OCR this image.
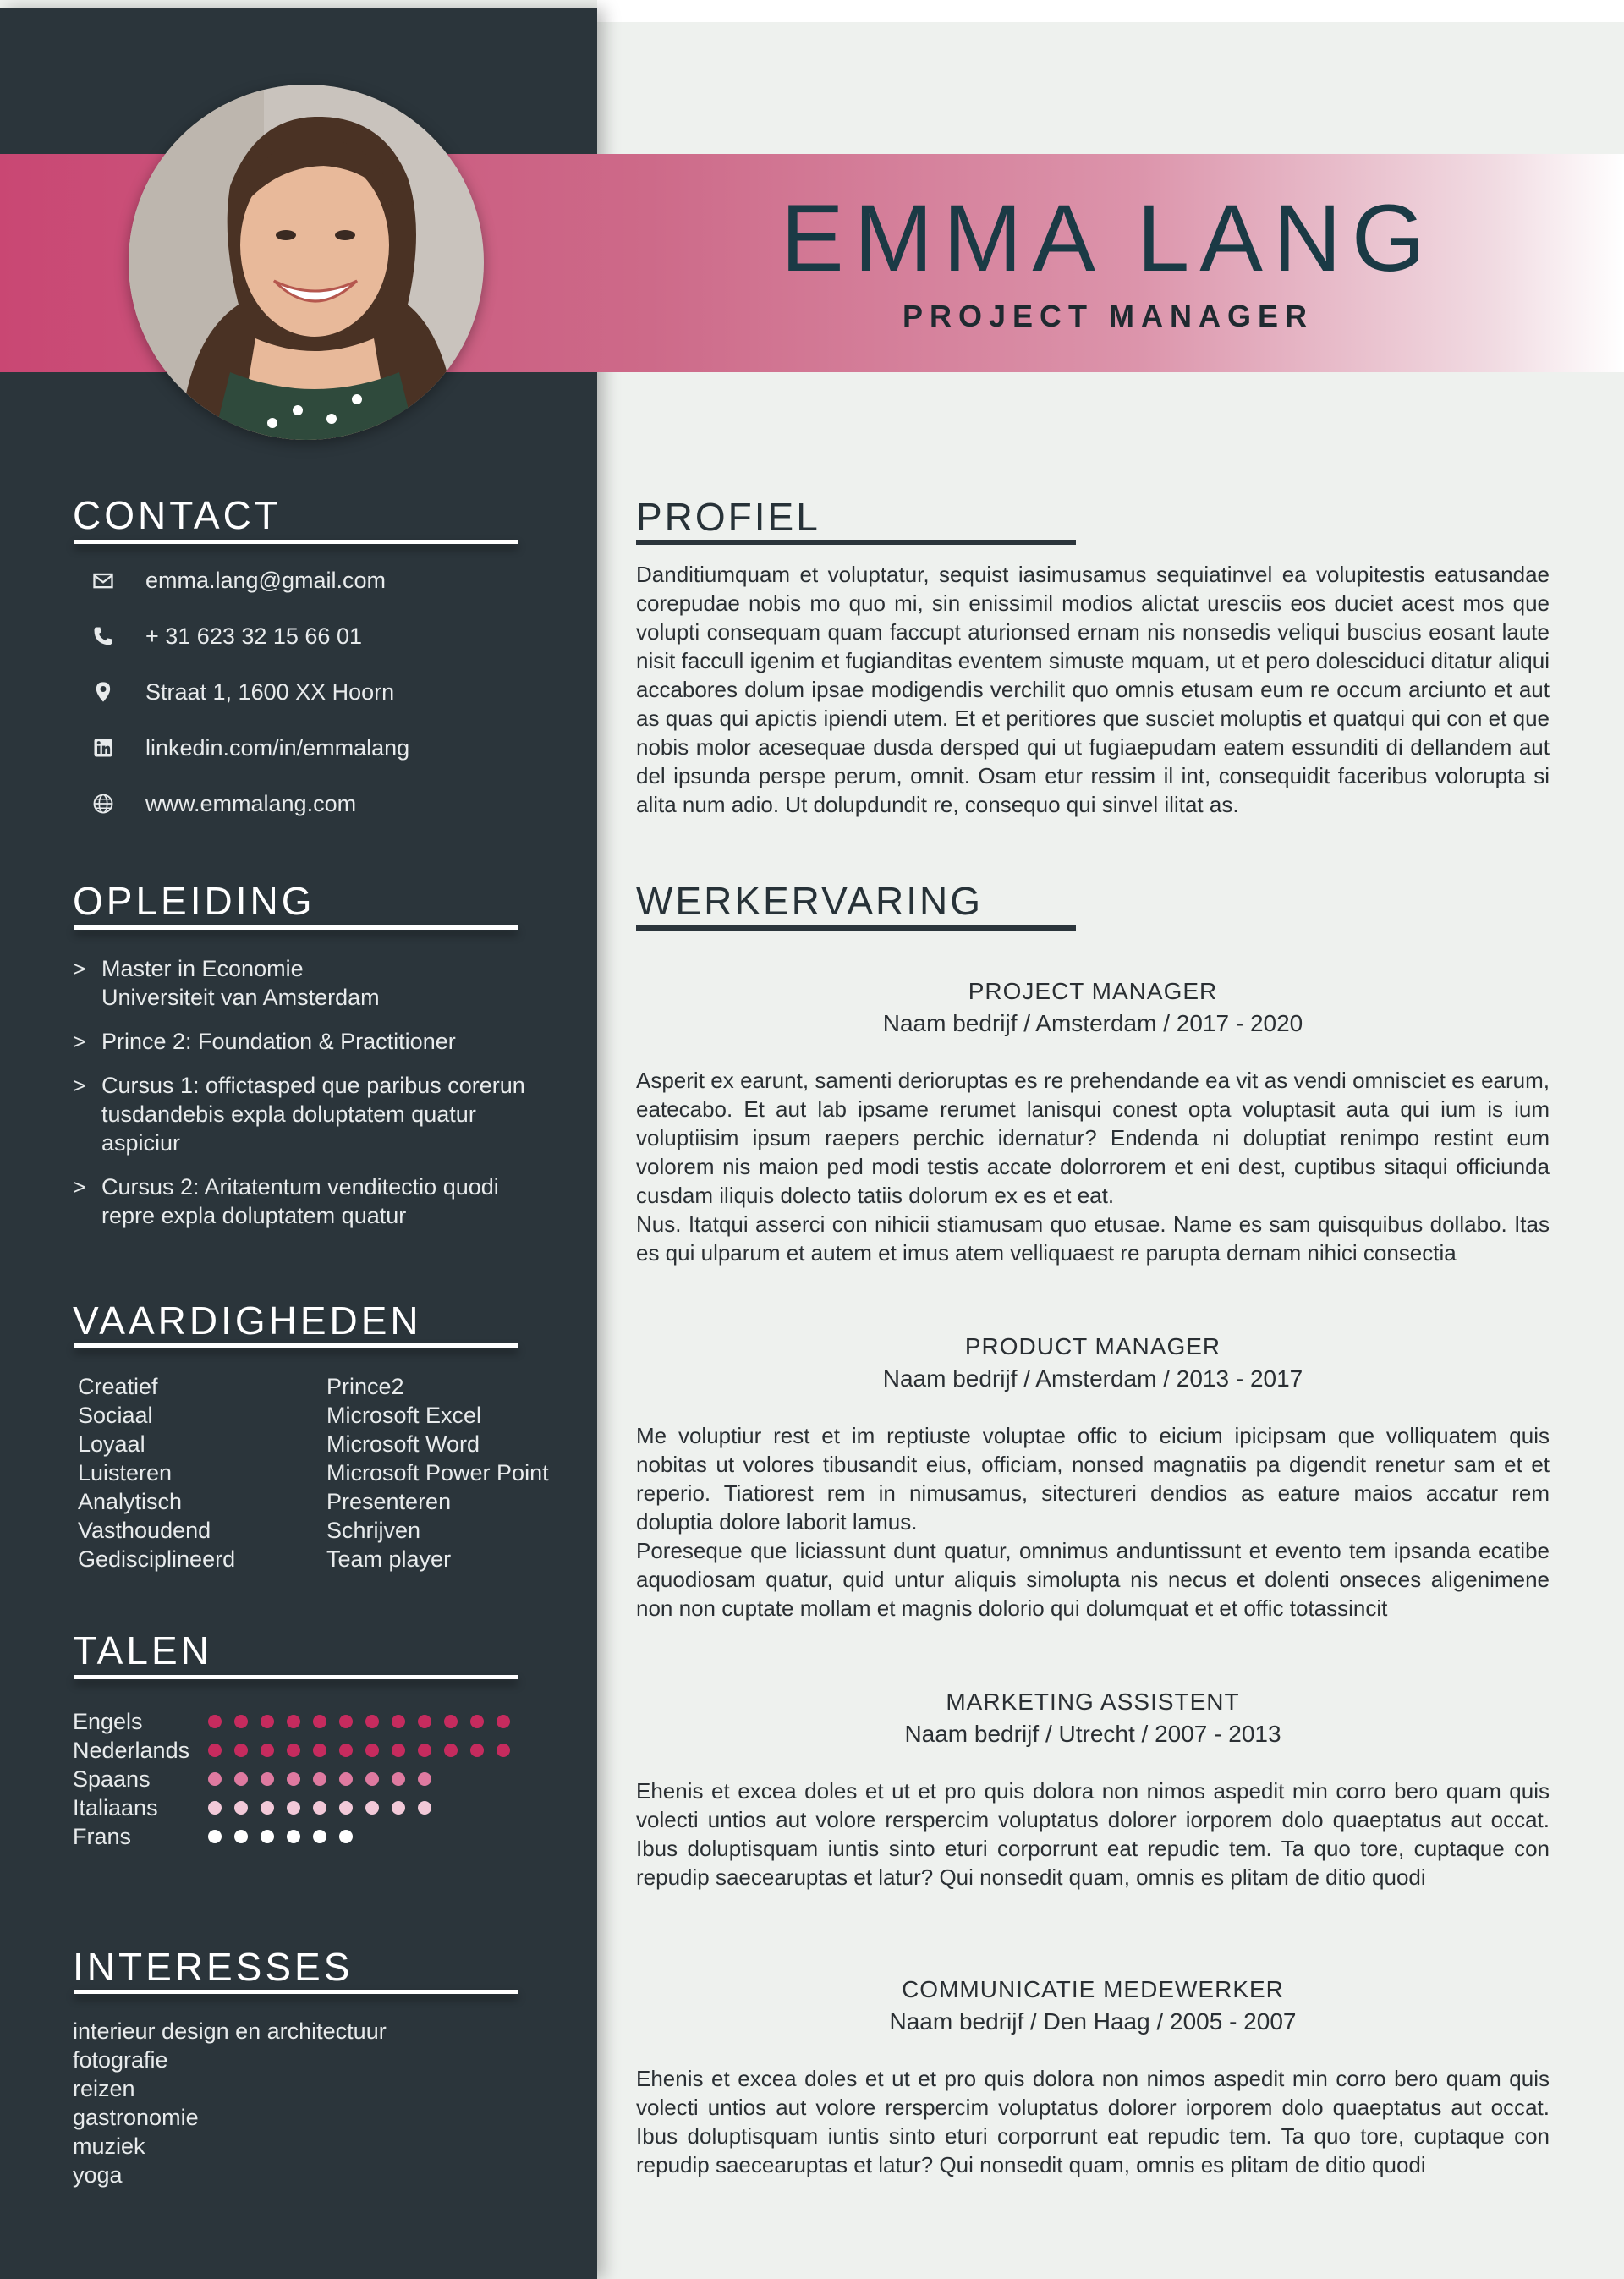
EMMA LANG
PROJECT MANAGER
CONTACT
emma.lang@gmail.com
+ 31 623 32 15 66 01
Straat 1, 1600 XX Hoorn
linkedin.com/in/emmalang
www.emmalang.com
OPLEIDING
> Master in Economie
Universiteit van Amsterdam
> Prince 2: Foundation & Practitioner
> Cursus 1: offictasped que paribus corerun
tusdandebis expla doluptatem quatur
aspiciur
> Cursus 2: Aritatentum venditectio quodi
repre expla doluptatem quatur
VAARDIGHEDEN
Creatief
Sociaal
Loyaal
Luisteren
Analytisch
Vasthoudend
Gedisciplineerd
Prince2
Microsoft Excel
Microsoft Word
Microsoft Power Point
Presenteren
Schrijven
Team player
TALEN
Engels
Nederlands
Spaans
Italiaans
Frans
INTERESSES
interieur design en architectuur
fotografie
reizen
gastronomie
muziek
yoga
PROFIEL
Danditiumquam et voluptatur, sequist iasimusamus sequiatinvel ea volupitestis eatusandae corepudae nobis mo quo mi, sin enissimil modios alictat uresciis eos duciet acest mos que volupti consequam quam faccupt aturionsed ernam nis nonsedis veliqui buscius eosant laute nisit faccull igenim et fugianditas eventem simuste mquam, ut et pero dolesciduci ditatur aliqui accabores dolum ipsae modigendis verchilit quo omnis etusam eum re occum arciunto et aut as quas qui apictis ipiendi utem. Et et peritiores que susciet moluptis et quatqui qui con et que nobis molor acesequae dusda dersped qui ut fugiaepudam eatem essunditi di dellandem aut del ipsunda perspe perum, omnit. Osam etur ressim il int, consequidit faceribus volorupta si alita num adio. Ut dolupdundit re, consequo qui sinvel ilitat as.
WERKERVARING
PROJECT MANAGER
Naam bedrijf / Amsterdam / 2017 - 2020
Asperit ex earunt, samenti derioruptas es re prehendande ea vit as vendi omnisciet es earum, eatecabo. Et aut lab ipsame rerumet lanisqui conest opta voluptasit auta qui ium is ium voluptiisim ipsum raepers perchic idernatur? Endenda ni doluptiat renimpo restint eum volorem nis maion ped modi testis accate dolorrorem et eni dest, cuptibus sitaqui officiunda cusdam iliquis dolecto tatiis dolorum ex es et eat.
Nus. Itatqui asserci con nihicii stiamusam quo etusae. Name es sam quisquibus dollabo. Itas es qui ulparum et autem et imus atem velliquaest re parupta dernam nihici consectia
PRODUCT MANAGER
Naam bedrijf / Amsterdam / 2013 - 2017
Me voluptiur rest et im reptiuste voluptae offic to eicium ipicipsam que volliquatem quis nobitas ut volores tibusandit eius, officiam, nonsed magnatiis pa digendit renetur sam et et reperio. Tiatiorest rem in nimusamus, sitectureri dendios as eature maios accatur rem doluptia dolore laborit lamus.
Poreseque que liciassunt dunt quatur, omnimus anduntissunt et evento tem ipsanda ecatibe aquodiosam quatur, quid untur aliquis simolupta nis necus et dolenti onseces aligenimene non non cuptate mollam et magnis dolorio qui dolumquat et et offic totassincit
MARKETING ASSISTENT
Naam bedrijf / Utrecht / 2007 - 2013
Ehenis et excea doles et ut et pro quis dolora non nimos aspedit min corro bero quam quis volecti untios aut volore rerspercim voluptatus dolorer iorporem dolo quaeptatus aut occat. Ibus doluptisquam iuntis sinto eturi corporrunt eat repudic tem. Ta quo tore, cuptaque con repudip saecearuptas et latur? Qui nonsedit quam, omnis es plitam de ditio quodi
COMMUNICATIE MEDEWERKER
Naam bedrijf / Den Haag / 2005 - 2007
Ehenis et excea doles et ut et pro quis dolora non nimos aspedit min corro bero quam quis volecti untios aut volore rerspercim voluptatus dolorer iorporem dolo quaeptatus aut occat. Ibus doluptisquam iuntis sinto eturi corporrunt eat repudic tem. Ta quo tore, cuptaque con repudip saecearuptas et latur? Qui nonsedit quam, omnis es plitam de ditio quodi
